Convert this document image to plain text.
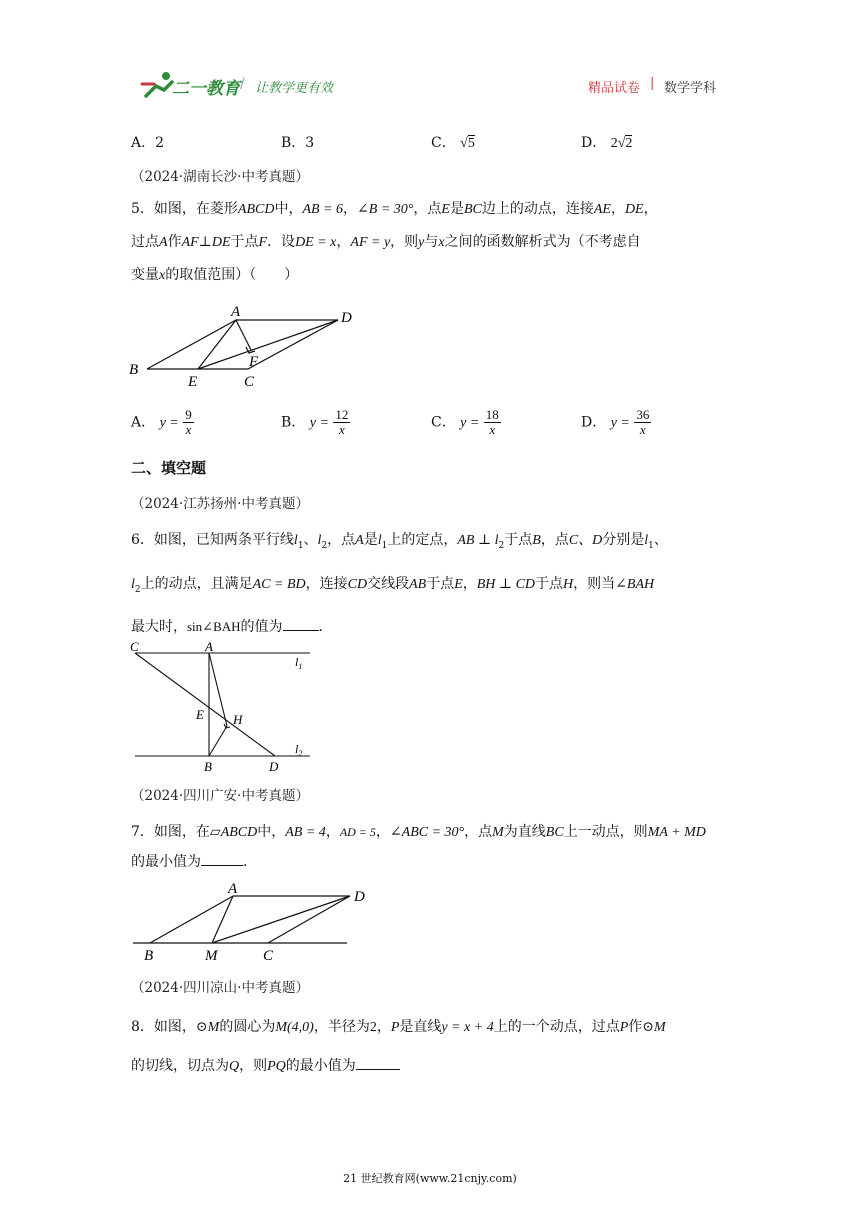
二一教育 / 让教学更有效	精品试卷 | 数学学科
A．2	B．3	C． √5	D． 2√2
（2024·湖南长沙·中考真题）
5．如图，在菱形ABCD中，AB = 6，∠B = 30°，点E是BC边上的动点，连接AE，DE，
过点A作AF⊥DE于点F．设DE = x，AF = y，则y与x之间的函数解析式为（不考虑自
变量x的取值范围）（　　）
A	D
B
E	C
F
A． $y = \frac{9}{x}$	B． $y = \frac{12}{x}$	C． $y = \frac{18}{x}$	D． $y = \frac{36}{x}$
二、填空题
（2024·江苏扬州·中考真题）
6．如图，已知两条平行线$l_1$、$l_2$，点A是$l_1$上的定点，AB ⊥ $l_2$于点B，点C、D分别是$l_1$、
$l_2$上的动点，且满足AC = BD，连接CD交线段AB于点E，BH ⊥ CD于点H，则当∠BAH
最大时，sin∠BAH的值为	．
C	A
$l_1$
E H
$l_2$
B	D
（2024·四川广安·中考真题）
7．如图，在▱ABCD中，AB = 4，AD = 5，∠ABC = 30°，点M为直线BC上一动点，则MA + MD
的最小值为	．
A	D
B	M	C
（2024·四川凉山·中考真题）
8．如图，⊙M的圆心为M(4,0)，半径为2，P是直线y = x + 4上的一个动点，过点P作⊙M
的切线，切点为Q，则PQ的最小值为
21 世纪教育网(www.21cnjy.com)
